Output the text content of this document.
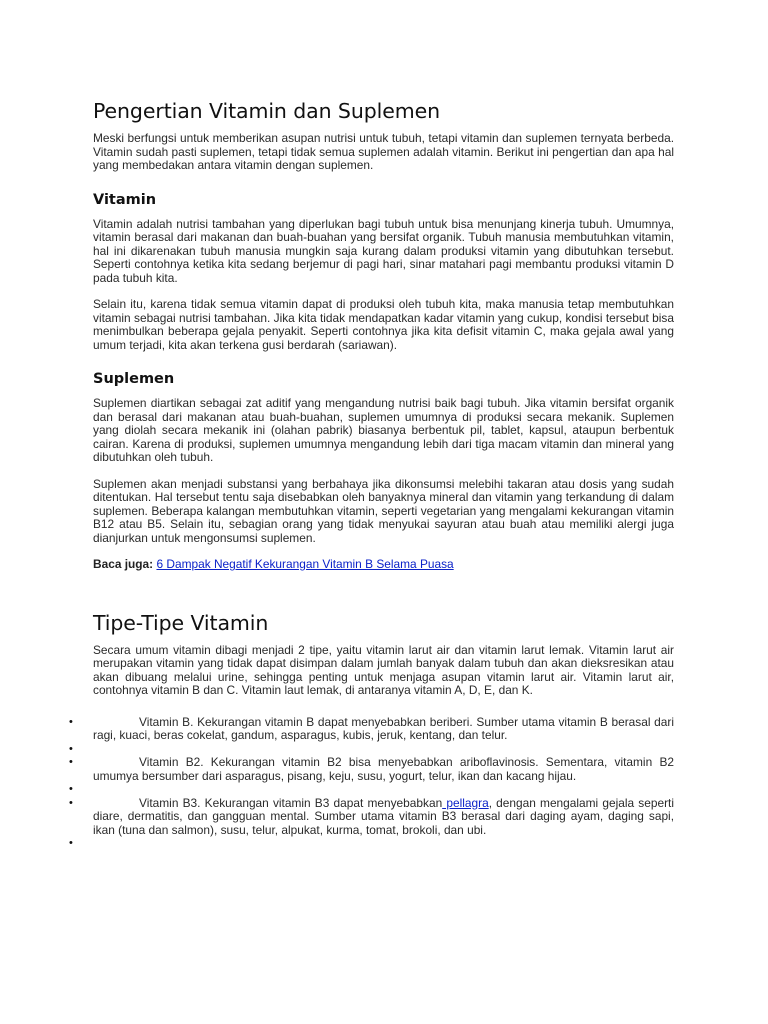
Pengertian Vitamin dan Suplemen

Meski berfungsi untuk memberikan asupan nutrisi untuk tubuh, tetapi vitamin dan suplemen ternyata berbeda. Vitamin sudah pasti suplemen, tetapi tidak semua suplemen adalah vitamin. Berikut ini pengertian dan apa hal yang membedakan antara vitamin dengan suplemen.

Vitamin

Vitamin adalah nutrisi tambahan yang diperlukan bagi tubuh untuk bisa menunjang kinerja tubuh. Umumnya, vitamin berasal dari makanan dan buah-buahan yang bersifat organik. Tubuh manusia membutuhkan vitamin, hal ini dikarenakan tubuh manusia mungkin saja kurang dalam produksi vitamin yang dibutuhkan tersebut. Seperti contohnya ketika kita sedang berjemur di pagi hari, sinar matahari pagi membantu produksi vitamin D pada tubuh kita.

Selain itu, karena tidak semua vitamin dapat di produksi oleh tubuh kita, maka manusia tetap membutuhkan vitamin sebagai nutrisi tambahan. Jika kita tidak mendapatkan kadar vitamin yang cukup, kondisi tersebut bisa menimbulkan beberapa gejala penyakit. Seperti contohnya jika kita defisit vitamin C, maka gejala awal yang umum terjadi, kita akan terkena gusi berdarah (sariawan).

Suplemen

Suplemen diartikan sebagai zat aditif yang mengandung nutrisi baik bagi tubuh. Jika vitamin bersifat organik dan berasal dari makanan atau buah-buahan, suplemen umumnya di produksi secara mekanik. Suplemen yang diolah secara mekanik ini (olahan pabrik) biasanya berbentuk pil, tablet, kapsul, ataupun berbentuk cairan. Karena di produksi, suplemen umumnya mengandung lebih dari tiga macam vitamin dan mineral yang dibutuhkan oleh tubuh.

Suplemen akan menjadi substansi yang berbahaya jika dikonsumsi melebihi takaran atau dosis yang sudah ditentukan. Hal tersebut tentu saja disebabkan oleh banyaknya mineral dan vitamin yang terkandung di dalam suplemen. Beberapa kalangan membutuhkan vitamin, seperti vegetarian yang mengalami kekurangan vitamin B12 atau B5. Selain itu, sebagian orang yang tidak menyukai sayuran atau buah atau memiliki alergi juga dianjurkan untuk mengonsumsi suplemen.

Baca juga: 6 Dampak Negatif Kekurangan Vitamin B Selama Puasa

Tipe-Tipe Vitamin

Secara umum vitamin dibagi menjadi 2 tipe, yaitu vitamin larut air dan vitamin larut lemak. Vitamin larut air merupakan vitamin yang tidak dapat disimpan dalam jumlah banyak dalam tubuh dan akan dieksresikan atau akan dibuang melalui urine, sehingga penting untuk menjaga asupan vitamin larut air. Vitamin larut air, contohnya vitamin B dan C. Vitamin laut lemak, di antaranya vitamin A, D, E, dan K.

•	Vitamin B. Kekurangan vitamin B dapat menyebabkan beriberi. Sumber utama vitamin B berasal dari ragi, kuaci, beras cokelat, gandum, asparagus, kubis, jeruk, kentang, dan telur.
•
•	Vitamin B2. Kekurangan vitamin B2 bisa menyebabkan ariboflavinosis. Sementara, vitamin B2 umumya bersumber dari asparagus, pisang, keju, susu, yogurt, telur, ikan dan kacang hijau.
•
•	Vitamin B3. Kekurangan vitamin B3 dapat menyebabkan pellagra, dengan mengalami gejala seperti diare, dermatitis, dan gangguan mental. Sumber utama vitamin B3 berasal dari daging ayam, daging sapi, ikan (tuna dan salmon), susu, telur, alpukat, kurma, tomat, brokoli, dan ubi.
•
